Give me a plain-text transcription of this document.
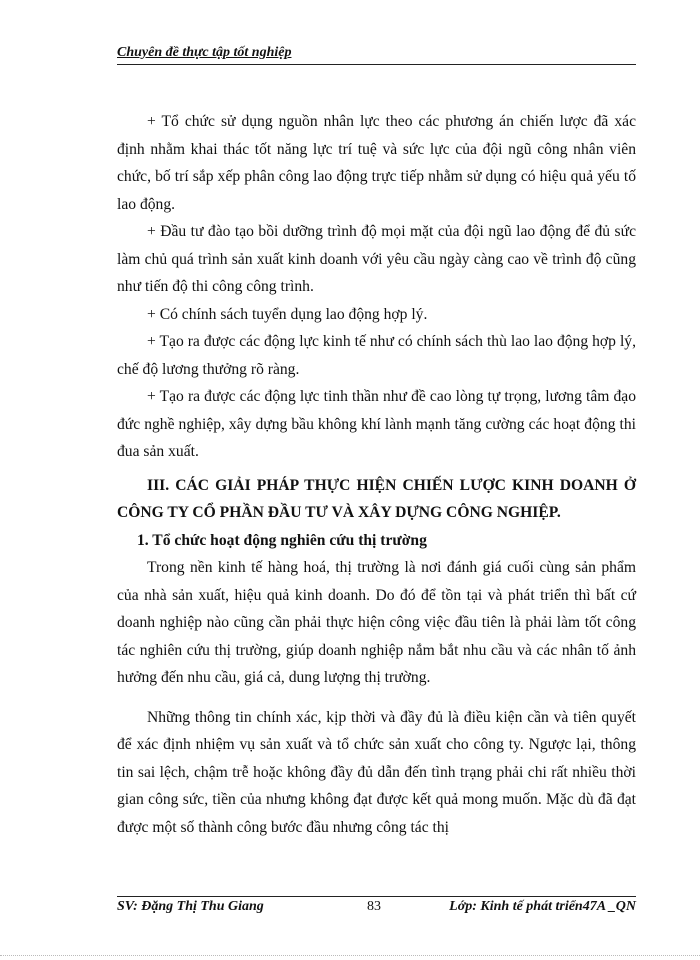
Chuyên đề thực tập tốt nghiệp

+ Tổ chức sử dụng nguồn nhân lực theo các phương án chiến lược đã xác định nhằm khai thác tốt năng lực trí tuệ và sức lực của đội ngũ công nhân viên chức, bố trí sắp xếp phân công lao động trực tiếp nhằm sử dụng có hiệu quả yếu tố lao động.

+ Đầu tư đào tạo bồi dưỡng trình độ mọi mặt của đội ngũ lao động để đủ sức làm chủ quá trình sản xuất kinh doanh với yêu cầu ngày càng cao về trình độ cũng như tiến độ thi công công trình.

+ Có chính sách tuyển dụng lao động hợp lý.

+ Tạo ra được các động lực kinh tế như có chính sách thù lao lao động hợp lý, chế độ lương thưởng rõ ràng.

+ Tạo ra được các động lực tinh thần như đề cao lòng tự trọng, lương tâm đạo đức nghề nghiệp, xây dựng bầu không khí lành mạnh tăng cường các hoạt động thi đua sản xuất.

III. CÁC GIẢI PHÁP THỰC HIỆN CHIẾN LƯỢC KINH DOANH Ở CÔNG TY CỔ PHẦN ĐẦU TƯ VÀ XÂY DỰNG CÔNG NGHIỆP.

1. Tổ chức hoạt động nghiên cứu thị trường

Trong nền kinh tế hàng hoá, thị trường là nơi đánh giá cuối cùng sản phẩm của nhà sản xuất, hiệu quả kinh doanh. Do đó để tồn tại và phát triển thì bất cứ doanh nghiệp nào cũng cần phải thực hiện công việc đầu tiên là phải làm tốt công tác nghiên cứu thị trường, giúp doanh nghiệp nắm bắt nhu cầu và các nhân tố ảnh hưởng đến nhu cầu, giá cả, dung lượng thị trường.

Những thông tin chính xác, kịp thời và đầy đủ là điều kiện cần và tiên quyết để xác định nhiệm vụ sản xuất và tổ chức sản xuất cho công ty. Ngược lại, thông tin sai lệch, chậm trễ hoặc không đầy đủ dẫn đến tình trạng phải chi rất nhiều thời gian công sức, tiền của nhưng không đạt được kết quả mong muốn. Mặc dù đã đạt được một số thành công bước đầu nhưng công tác thị

SV: Đặng Thị Thu Giang	83	Lớp: Kinh tế phát triển47A _QN
